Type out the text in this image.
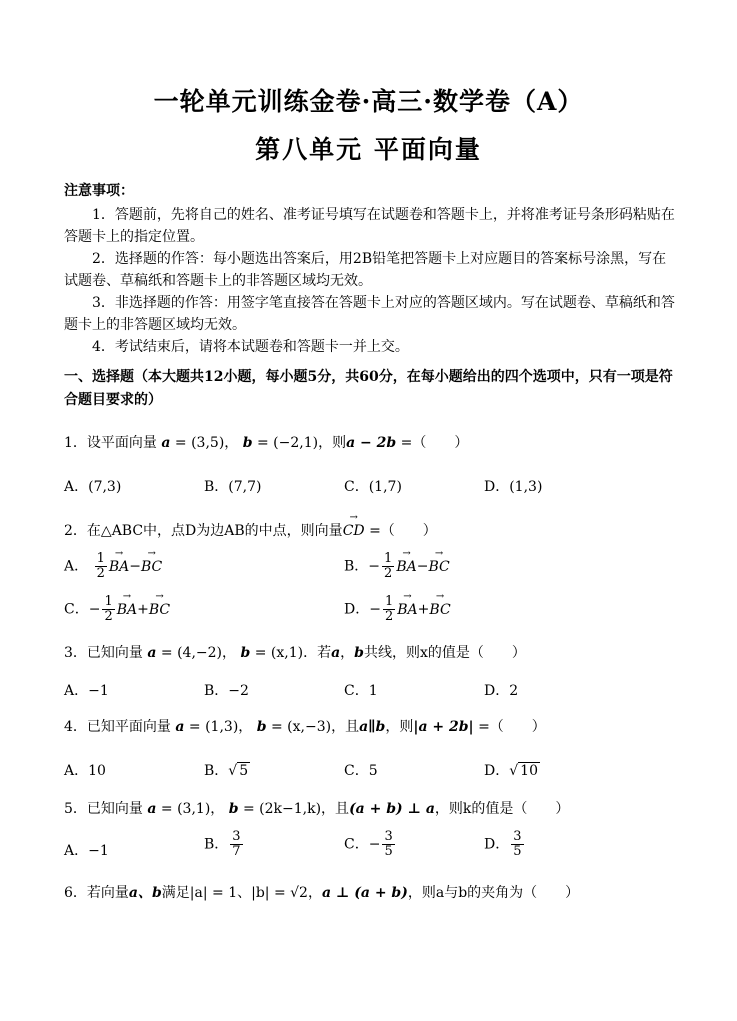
一轮单元训练金卷·高三·数学卷（A）
第八单元 平面向量
注意事项：
1．答题前，先将自己的姓名、准考证号填写在试题卷和答题卡上，并将准考证号条形码粘贴在答题卡上的指定位置。
2．选择题的作答：每小题选出答案后，用2B铅笔把答题卡上对应题目的答案标号涂黑，写在试题卷、草稿纸和答题卡上的非答题区域均无效。
3．非选择题的作答：用签字笔直接答在答题卡上对应的答题区域内。写在试题卷、草稿纸和答题卡上的非答题区域均无效。
4．考试结束后，请将本试题卷和答题卡一并上交。
一、选择题（本大题共12小题，每小题5分，共60分，在每小题给出的四个选项中，只有一项是符合题目要求的）
1．设平面向量 a = (3,5)， b = (−2,1)，则a − 2b =（　　）
A．(7,3)	B．(7,7)	C．(1,7)	D．(1,3)
2．在△ABC中，点D为边AB的中点，则向量→ CD =（　　）
A． $\frac{1}{2}$
→ BA−→ BC	B．− $\frac{1}{2}$
→ BA−→ BC
C．− $\frac{1}{2}$
→ BA+→ BC	D．− $\frac{1}{2}$
→ BA+→ BC
3．已知向量 a = (4,−2)， b = (x,1)．若a，b共线，则x的值是（　　）
A．−1	B．−2	C．1	D．2
4．已知平面向量 a = (1,3)， b = (x,−3)，且a∥b，则|a + 2b| =（　　）
A．10	B．√ 5	C．5	D．√ 10
5．已知向量 a = (3,1)， b = (2k−1,k)，且(a + b) ⊥ a，则k的值是（　　）
A．−1	B． $\frac{3}{7}$	C．− $\frac{3}{5}$	D． $\frac{3}{5}$
6．若向量a、b满足|a| = 1、|b| = √2，a ⊥ (a + b)，则a与b的夹角为（　　）
